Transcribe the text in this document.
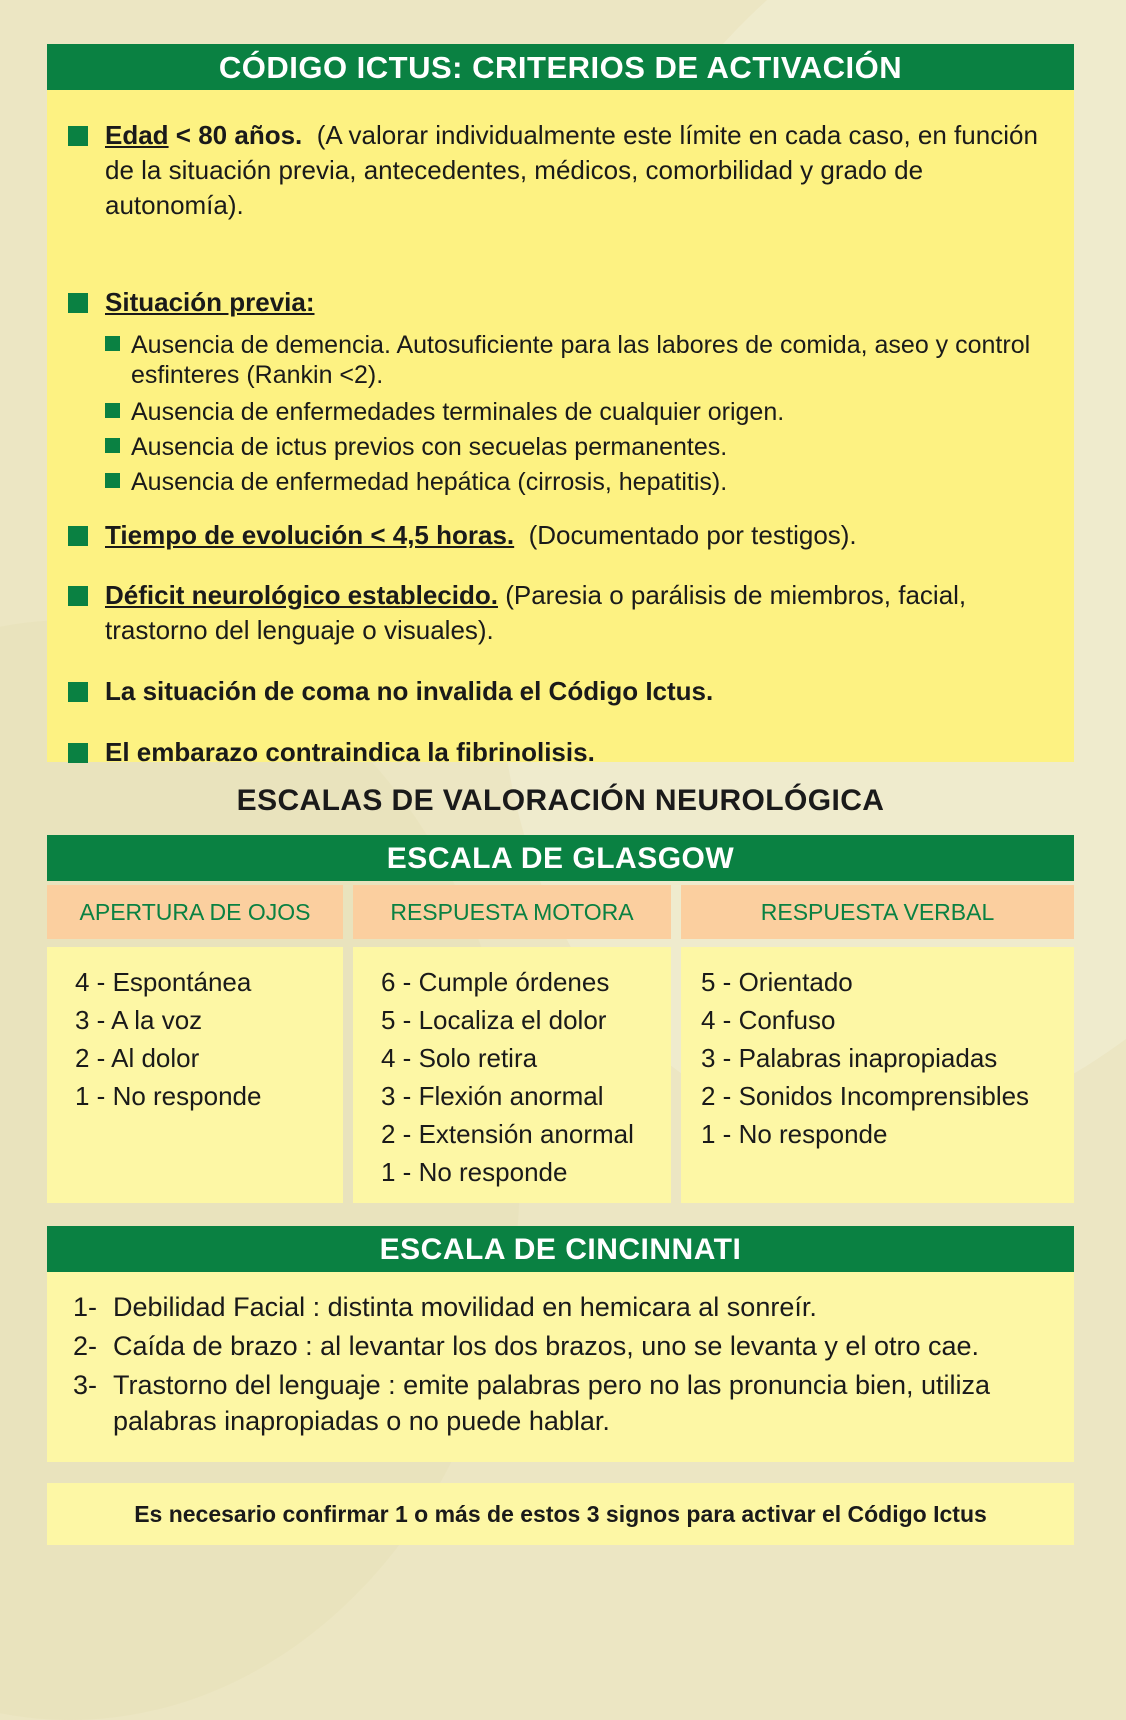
CÓDIGO ICTUS: CRITERIOS DE ACTIVACIÓN
Edad < 80 años. (A valorar individualmente este límite en cada caso, en función de la situación previa, antecedentes, médicos, comorbilidad y grado de autonomía).
Situación previa:
Ausencia de demencia. Autosuficiente para las labores de comida, aseo y control esfinteres (Rankin <2).
Ausencia de enfermedades terminales de cualquier origen.
Ausencia de ictus previos con secuelas permanentes.
Ausencia de enfermedad hepática (cirrosis, hepatitis).
Tiempo de evolución < 4,5 horas. (Documentado por testigos).
Déficit neurológico establecido. (Paresia o parálisis de miembros, facial, trastorno del lenguaje o visuales).
La situación de coma no invalida el Código Ictus.
El embarazo contraindica la fibrinolisis.
ESCALAS DE VALORACIÓN NEUROLÓGICA
ESCALA DE GLASGOW
APERTURA DE OJOS
4 - Espontánea
3 - A la voz
2 - Al dolor
1 - No responde
RESPUESTA MOTORA
6 - Cumple órdenes
5 - Localiza el dolor
4 - Solo retira
3 - Flexión anormal
2 - Extensión anormal
1 - No responde
RESPUESTA VERBAL
5 - Orientado
4 - Confuso
3 - Palabras inapropiadas
2 - Sonidos Incomprensibles
1 - No responde
ESCALA DE CINCINNATI
1- Debilidad Facial : distinta movilidad en hemicara al sonreír.
2- Caída de brazo : al levantar los dos brazos, uno se levanta y el otro cae.
3- Trastorno del lenguaje : emite palabras pero no las pronuncia bien, utiliza
palabras inapropiadas o no puede hablar.
Es necesario confirmar 1 o más de estos 3 signos para activar el Código Ictus
